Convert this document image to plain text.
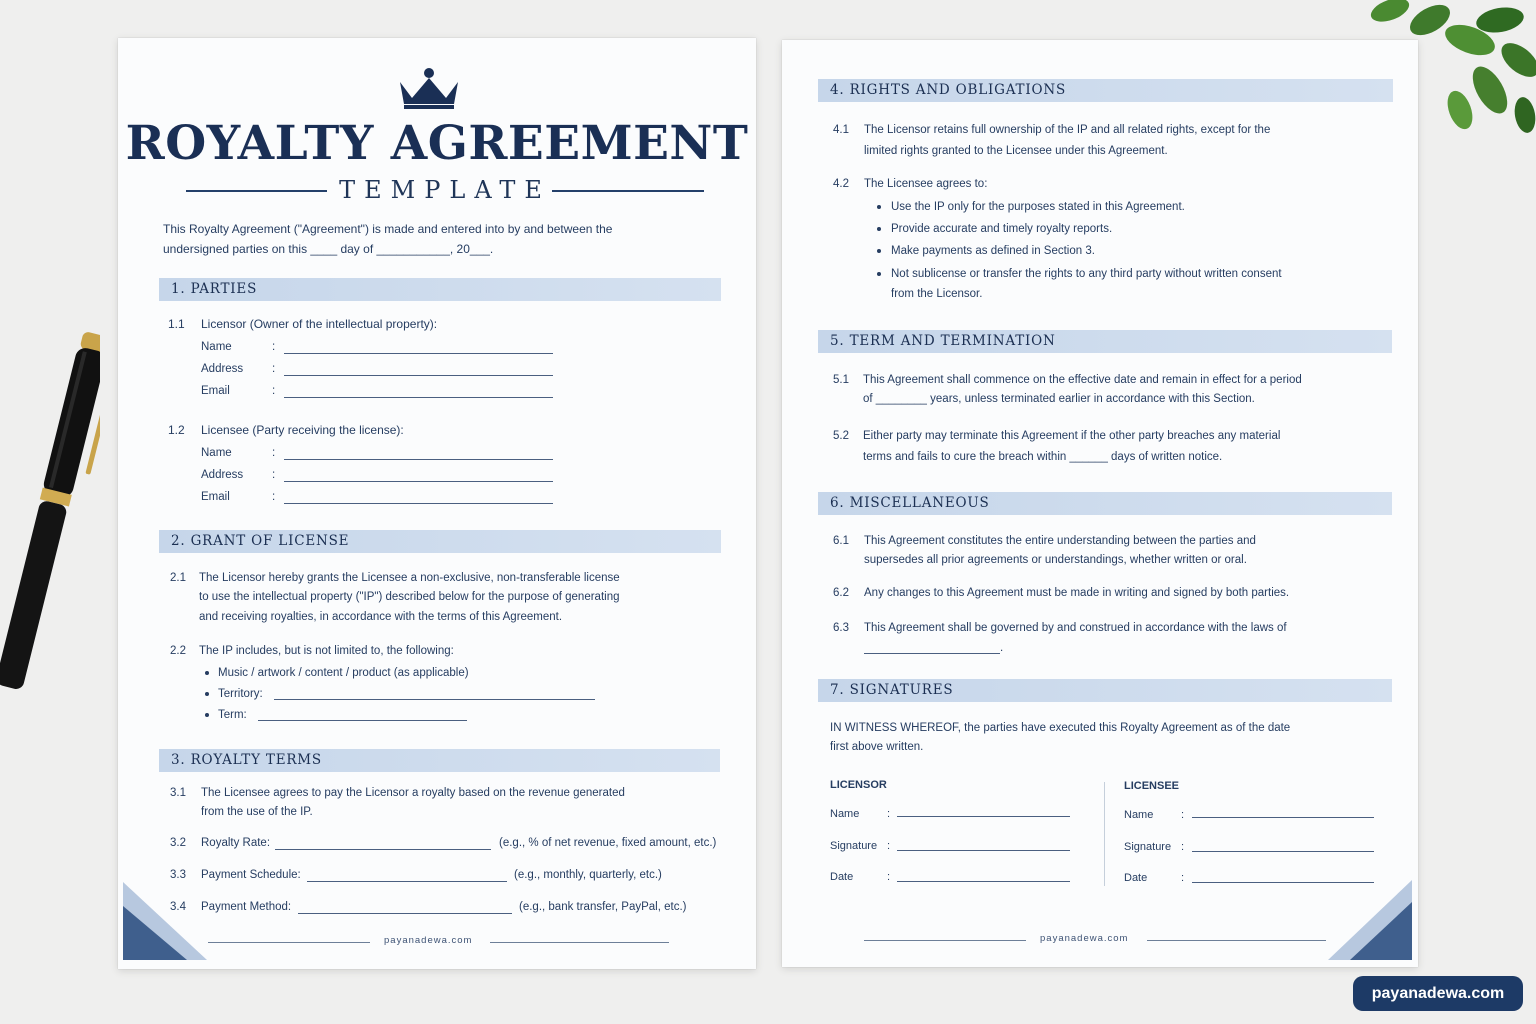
ROYALTY AGREEMENT
TEMPLATE
This Royalty Agreement ("Agreement") is made and entered into by and between the
undersigned parties on this ____ day of ___________, 20___.
1. PARTIES
1.1 Licensor (Owner of the intellectual property):
Name	:
Address	:
Email	:
1.2 Licensee (Party receiving the license):
Name	:
Address	:
Email	:
2. GRANT OF LICENSE
2.1 The Licensor hereby grants the Licensee a non-exclusive, non-transferable license
to use the intellectual property ("IP") described below for the purpose of generating
and receiving royalties, in accordance with the terms of this Agreement.
2.2 The IP includes, but is not limited to, the following:
Music / artwork / content / product (as applicable)
Territory:
Term:
3. ROYALTY TERMS
3.1 The Licensee agrees to pay the Licensor a royalty based on the revenue generated
from the use of the IP.
3.2 Royalty Rate:	(e.g., % of net revenue, fixed amount, etc.)
3.3 Payment Schedule:	(e.g., monthly, quarterly, etc.)
3.4 Payment Method:	(e.g., bank transfer, PayPal, etc.)
payanadewa.com
4. RIGHTS AND OBLIGATIONS
4.1 The Licensor retains full ownership of the IP and all related rights, except for the
limited rights granted to the Licensee under this Agreement.
4.2 The Licensee agrees to:
Use the IP only for the purposes stated in this Agreement.
Provide accurate and timely royalty reports.
Make payments as defined in Section 3.
Not sublicense or transfer the rights to any third party without written consent
from the Licensor.
5. TERM AND TERMINATION
5.1 This Agreement shall commence on the effective date and remain in effect for a period
of ________ years, unless terminated earlier in accordance with this Section.
5.2 Either party may terminate this Agreement if the other party breaches any material
terms and fails to cure the breach within ______ days of written notice.
6. MISCELLANEOUS
6.1 This Agreement constitutes the entire understanding between the parties and
supersedes all prior agreements or understandings, whether written or oral.
6.2 Any changes to this Agreement must be made in writing and signed by both parties.
6.3 This Agreement shall be governed by and construed in accordance with the laws of
.
7. SIGNATURES
IN WITNESS WHEREOF, the parties have executed this Royalty Agreement as of the date
first above written.
LICENSOR	LICENSEE
Name	:
Signature :
Date	:
Name	:
Signature :
Date	:
payanadewa.com
payanadewa.com
